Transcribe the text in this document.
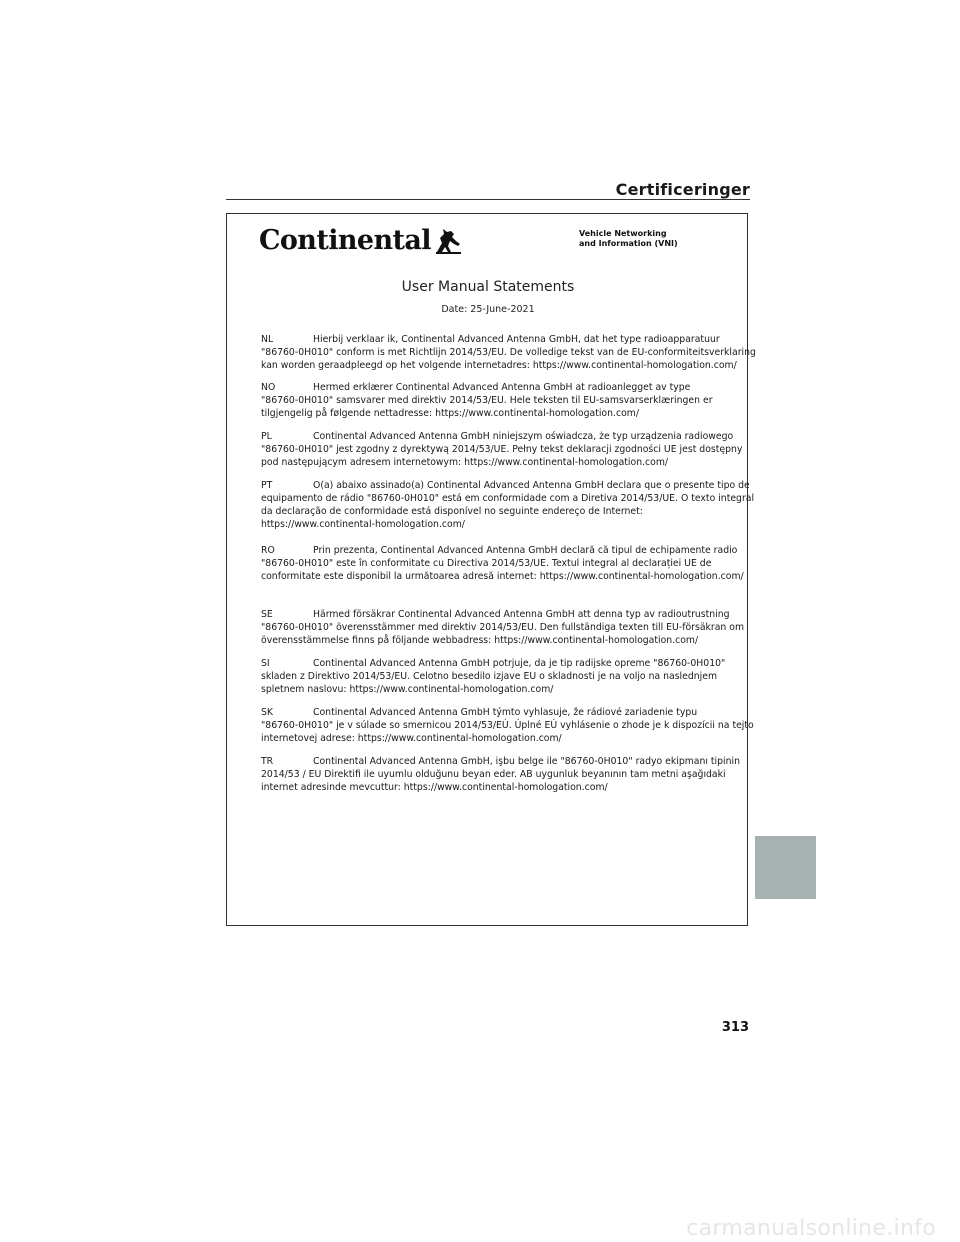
Certificeringer
Continental	Vehicle Networking
and Information (VNI)
User Manual Statements
Date: 25-June-2021

NL	Hierbij verklaar ik, Continental Advanced Antenna GmbH, dat het type radioapparatuur

"86760-0H010" conform is met Richtlijn 2014/53/EU. De volledige tekst van de EU-conformiteitsverklaring

kan worden geraadpleegd op het volgende internetadres: https://www.continental-homologation.com/

NO	Hermed erklærer Continental Advanced Antenna GmbH at radioanlegget av type

"86760-0H010" samsvarer med direktiv 2014/53/EU. Hele teksten til EU-samsvarserklæringen er

tilgjengelig på følgende nettadresse: https://www.continental-homologation.com/

PL	Continental Advanced Antenna GmbH niniejszym oświadcza, że typ urządzenia radiowego

"86760-0H010" jest zgodny z dyrektywą 2014/53/UE. Pełny tekst deklaracji zgodności UE jest dostępny

pod następującym adresem internetowym: https://www.continental-homologation.com/

PT	O(a) abaixo assinado(a) Continental Advanced Antenna GmbH declara que o presente tipo de

equipamento de rádio "86760-0H010" está em conformidade com a Diretiva 2014/53/UE. O texto integral

da declaração de conformidade está disponível no seguinte endereço de Internet:

https://www.continental-homologation.com/

RO	Prin prezenta, Continental Advanced Antenna GmbH declară că tipul de echipamente radio

"86760-0H010" este în conformitate cu Directiva 2014/53/UE. Textul integral al declarației UE de

conformitate este disponibil la următoarea adresă internet: https://www.continental-homologation.com/

SE	Härmed försäkrar Continental Advanced Antenna GmbH att denna typ av radioutrustning

"86760-0H010" överensstämmer med direktiv 2014/53/EU. Den fullständiga texten till EU-försäkran om

överensstämmelse finns på följande webbadress: https://www.continental-homologation.com/

SI	Continental Advanced Antenna GmbH potrjuje, da je tip radijske opreme "86760-0H010"

skladen z Direktivo 2014/53/EU. Celotno besedilo izjave EU o skladnosti je na voljo na naslednjem

spletnem naslovu: https://www.continental-homologation.com/

SK	Continental Advanced Antenna GmbH týmto vyhlasuje, že rádiové zariadenie typu

"86760-0H010" je v súlade so smernicou 2014/53/EÚ. Úplné EÚ vyhlásenie o zhode je k dispozícii na tejto

internetovej adrese: https://www.continental-homologation.com/

TR	Continental Advanced Antenna GmbH, işbu belge ile "86760-0H010" radyo ekipmanı tipinin

2014/53 / EU Direktifi ile uyumlu olduğunu beyan eder. AB uygunluk beyanının tam metni aşağıdaki

internet adresinde mevcuttur: https://www.continental-homologation.com/

313
carmanualsonline.info
